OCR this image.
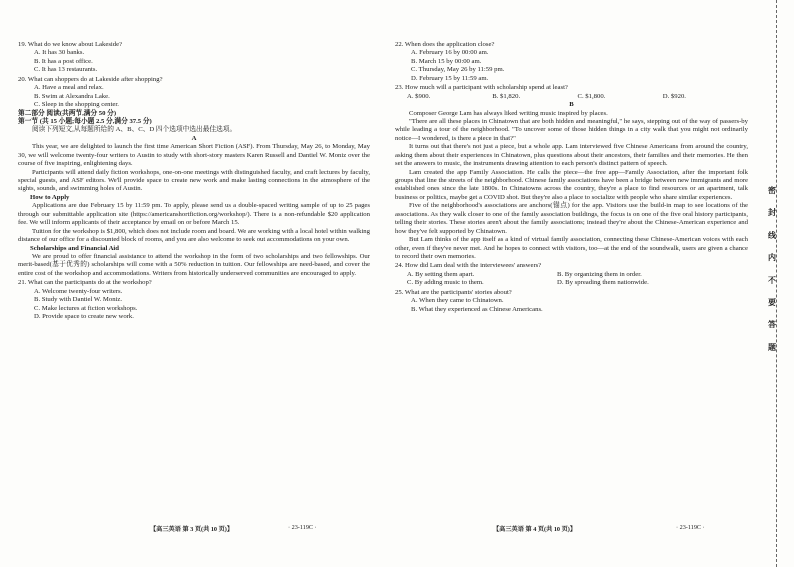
19. What do we know about Lakeside?
A. It has 30 banks.
B. It has a post office.
C. It has 13 restaurants.
20. What can shoppers do at Lakeside after shopping?
A. Have a meal and relax.
B. Swim at Alexandra Lake.
C. Sleep in the shopping center.
第二部分 阅读(共两节,满分 50 分)
第一节 (共 15 小题;每小题 2.5 分,满分 37.5 分)
阅读下列短文,从每题所给的 A、B、C、D 四个选项中选出最佳选项。
A
This year, we are delighted to launch the first time American Short Fiction (ASF). From Thursday, May 26, to Monday, May 30, we will welcome twenty-four writers to Austin to study with short-story masters Karen Russell and Dantiel W. Moniz over the course of five inspiring, enlightening days.
Participants will attend daily fiction workshops, one-on-one meetings with distinguished faculty, and craft lectures by faculty, special guests, and ASF editors. We'll provide space to create new work and make lasting connections in the atmosphere of the sights, sounds, and swimming holes of Austin.
How to Apply
Applications are due February 15 by 11:59 pm. To apply, please send us a double-spaced writing sample of up to 25 pages through our submittable application site (https://americanshortfiction.org/workshop/). There is a non-refundable $20 application fee. We will inform applicants of their acceptance by email on or before March 15.
Tuition for the workshop is $1,800, which does not include room and board. We are working with a local hotel within walking distance of our office for a discounted block of rooms, and you are also welcome to seek out accommodations on your own.
Scholarships and Financial Aid
We are proud to offer financial assistance to attend the workshop in the form of two scholarships and two fellowships. Our merit-based(基于优秀的) scholarships will come with a 50% reduction in tuition. Our fellowships are need-based, and cover the entire cost of the workshop and accommodations. Writers from historically underserved communities are encouraged to apply.
21. What can the participants do at the workshop?
A. Welcome twenty-four writers.
B. Study with Dantiel W. Moniz.
C. Make lectures at fiction workshops.
D. Provide space to create new work.
22. When does the application close?
A. February 16 by 00:00 am.
B. March 15 by 00:00 am.
C. Thursday, May 26 by 11:59 pm.
D. February 15 by 11:59 am.
23. How much will a participant with scholarship spend at least?
A. $900.	B. $1,820.	C. $1,800.	D. $920.
B
Composer George Lam has always liked writing music inspired by places.
"There are all these places in Chinatown that are both hidden and meaningful," he says, stepping out of the way of passers-by while leading a tour of the neighborhood. "To uncover some of those hidden things in a city walk that you might not ordinarily notice—I wondered, is there a piece in that?"
It turns out that there's not just a piece, but a whole app. Lam interviewed five Chinese Americans from around the country, asking them about their experiences in Chinatown, plus questions about their ancestors, their families and their memories. He then set the answers to music, the instruments drawing attention to each person's distinct pattern of speech.
Lam created the app Family Association. He calls the piece—the free app—Family Association, after the important folk groups that line the streets of the neighborhood. Chinese family associations have been a bridge between new immigrants and more established ones since the late 1800s. In Chinatowns across the country, they're a place to find resources or an apartment, talk business or politics, maybe get a COVID shot. But they're also a place to socialize with people who share similar experiences.
Five of the neighborhood's associations are anchors(锚点) for the app. Visitors use the build-in map to see locations of the associations. As they walk closer to one of the family association buildings, the focus is on one of the five oral history participants, telling their stories. These stories aren't about the family associations; instead they're about the Chinese-American experience and how they've felt supported by Chinatown.
But Lam thinks of the app itself as a kind of virtual family association, connecting these Chinese-American voices with each other, even if they've never met. And he hopes to connect with visitors, too—at the end of the soundwalk, users are given a chance to record their own memories.
24. How did Lam deal with the interviewees' answers?
A. By setting them apart.	B. By organizing them in order.
C. By adding music to them.	D. By spreading them nationwide.
25. What are the participants' stories about?
A. When they came to Chinatown.
B. What they experienced as Chinese Americans.
【高三英语 第 3 页(共 10 页)】	· 23-119C ·	【高三英语 第 4 页(共 10 页)】	· 23-119C ·
密
封
线
内
不
要
答
题
